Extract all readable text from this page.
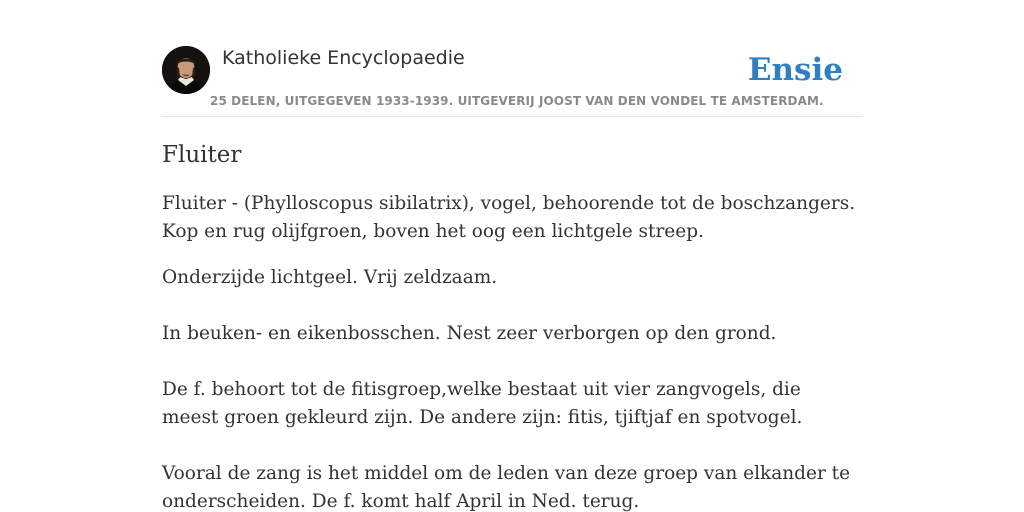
Katholieke Encyclopaedie	Ensie
25 DELEN, UITGEGEVEN 1933-1939. UITGEVERIJ JOOST VAN DEN VONDEL TE AMSTERDAM.
Fluiter

Fluiter - (Phylloscopus sibilatrix), vogel, behoorende tot de boschzangers. Kop en rug olijfgroen, boven het oog een lichtgele streep.

Onderzijde lichtgeel. Vrij zeldzaam.

In beuken- en eikenbosschen. Nest zeer verborgen op den grond.

De f. behoort tot de fitisgroep,welke bestaat uit vier zangvogels, die meest groen gekleurd zijn. De andere zijn: fitis, tjiftjaf en spotvogel.

Vooral de zang is het middel om de leden van deze groep van elkander te onderscheiden. De f. komt half April in Ned. terug.
